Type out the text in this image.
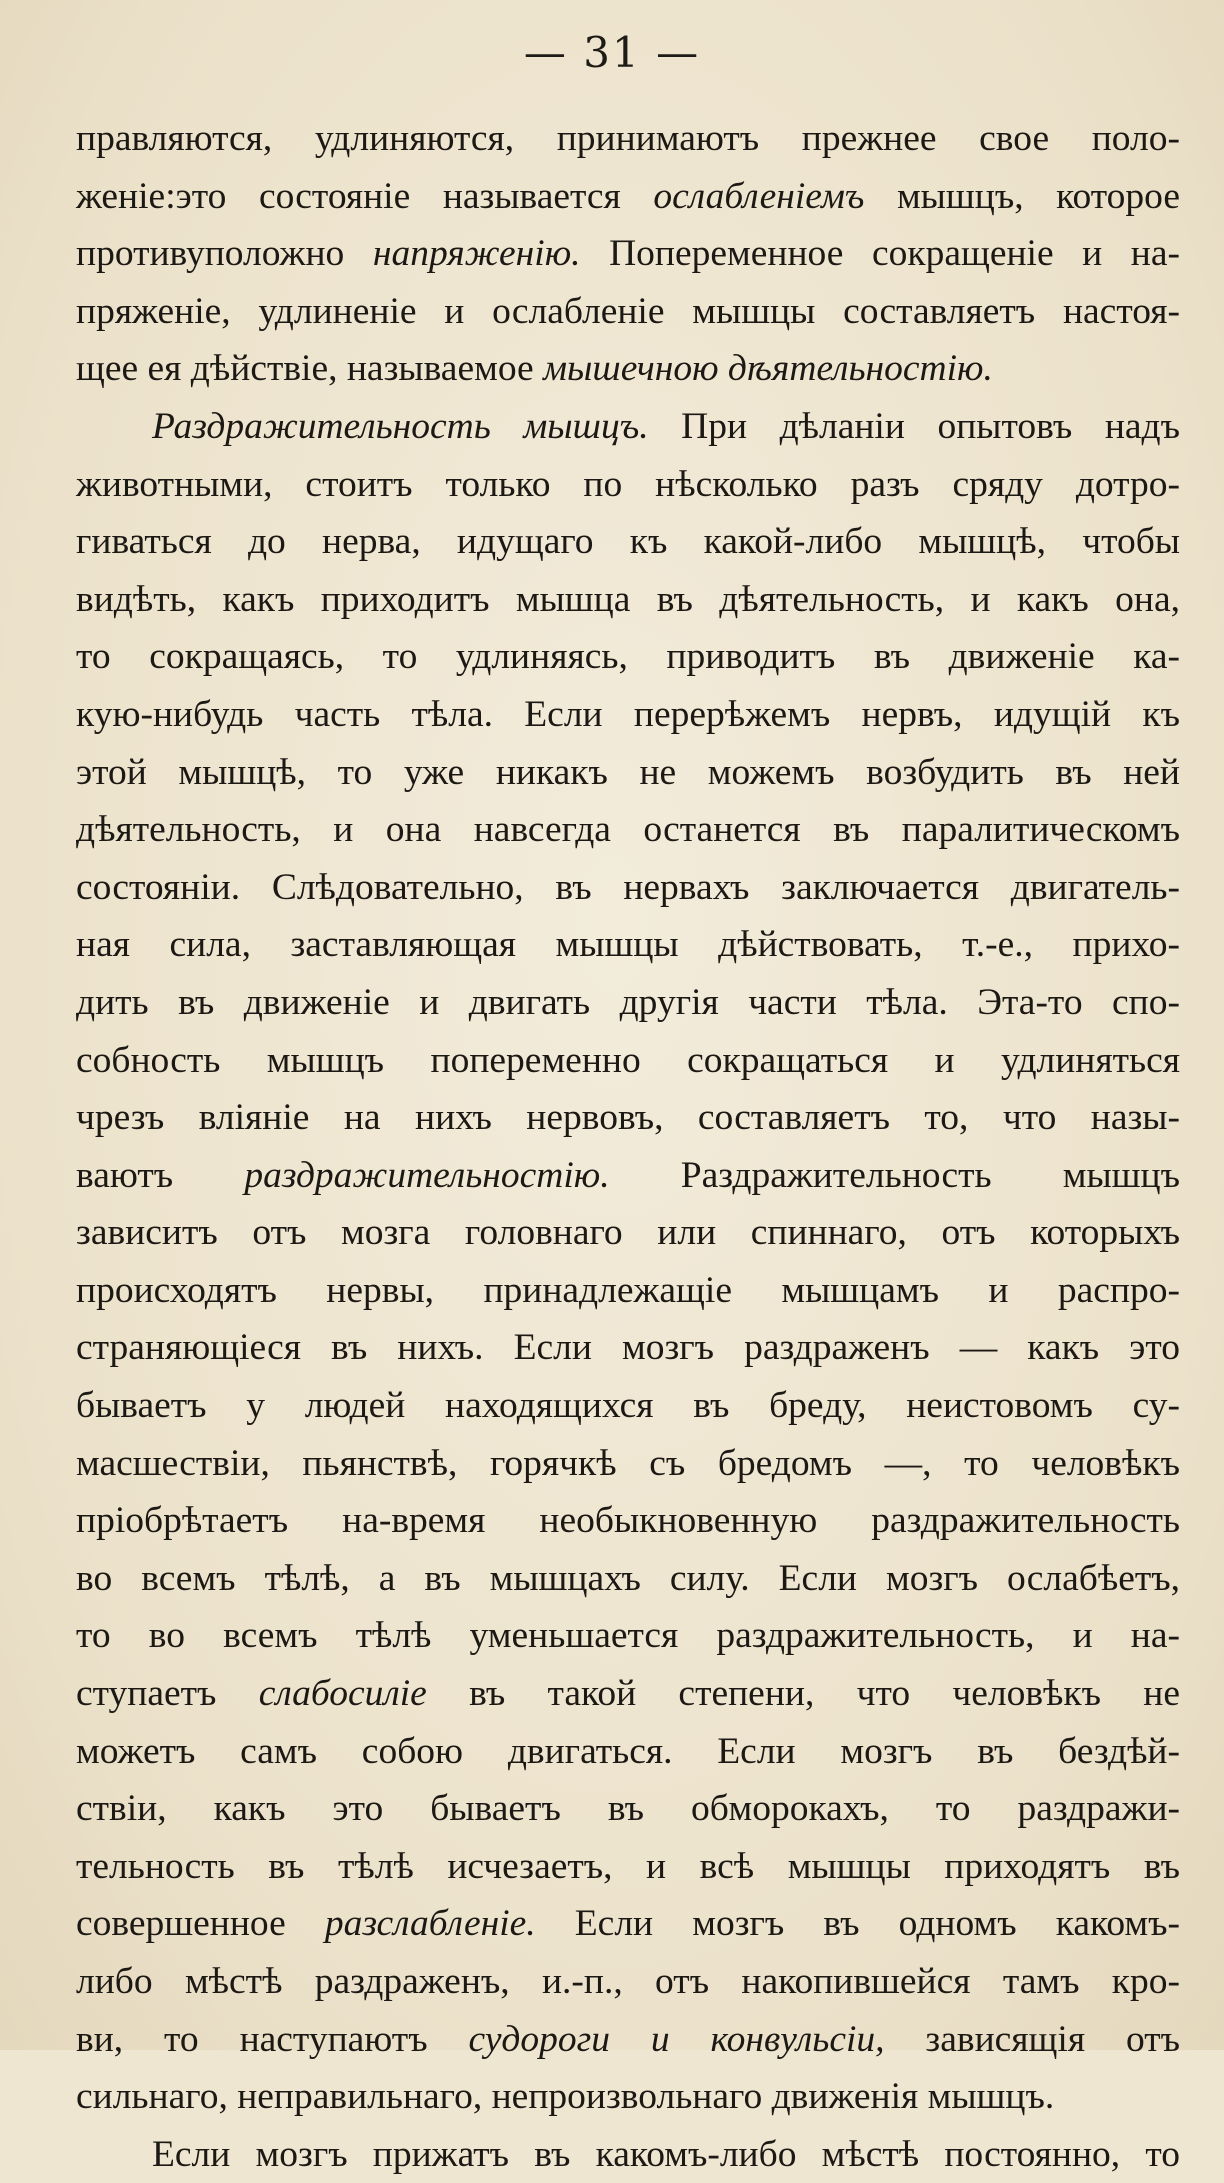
— 31 —
правляются, удлиняются, принимаютъ прежнее свое поло-
женіе:это состояніе называется ослабленіемъ мышцъ, которое
противуположно напряженію. Попеременное сокращеніе и на-
пряженіе, удлиненіе и ослабленіе мышцы составляетъ настоя-
щее ея дѣйствіе, называемое мышечною дѣятельностію.
Раздражительность мышцъ. При дѣланіи опытовъ надъ
животными, стоитъ только по нѣсколько разъ сряду дотро-
гиваться до нерва, идущаго къ какой-либо мышцѣ, чтобы
видѣть, какъ приходитъ мышца въ дѣятельность, и какъ она,
то сокращаясь, то удлиняясь, приводитъ въ движеніе ка-
кую-нибудь часть тѣла. Если перерѣжемъ нервъ, идущій къ
этой мышцѣ, то уже никакъ не можемъ возбудить въ ней
дѣятельность, и она навсегда останется въ паралитическомъ
состояніи. Слѣдовательно, въ нервахъ заключается двигатель-
ная сила, заставляющая мышцы дѣйствовать, т.-е., прихо-
дить въ движеніе и двигать другія части тѣла. Эта-то спо-
собность мышцъ попеременно сокращаться и удлиняться
чрезъ вліяніе на нихъ нервовъ, составляетъ то, что назы-
ваютъ раздражительностію. Раздражительность мышцъ
зависитъ отъ мозга головнаго или спиннаго, отъ которыхъ
происходятъ нервы, принадлежащіе мышцамъ и распро-
страняющіеся въ нихъ. Если мозгъ раздраженъ — какъ это
бываетъ у людей находящихся въ бреду, неистовомъ су-
масшествіи, пьянствѣ, горячкѣ съ бредомъ —, то человѣкъ
пріобрѣтаетъ на-время необыкновенную раздражительность
во всемъ тѣлѣ, а въ мышцахъ силу. Если мозгъ ослабѣетъ,
то во всемъ тѣлѣ уменьшается раздражительность, и на-
ступаетъ слабосиліе въ такой степени, что человѣкъ не
можетъ самъ собою двигаться. Если мозгъ въ бездѣй-
ствіи, какъ это бываетъ въ обморокахъ, то раздражи-
тельность въ тѣлѣ исчезаетъ, и всѣ мышцы приходятъ въ
совершенное разслабленіе. Если мозгъ въ одномъ какомъ-
либо мѣстѣ раздраженъ, и.-п., отъ накопившейся тамъ кро-
ви, то наступаютъ судороги и конвульсіи, зависящія отъ
сильнаго, неправильнаго, непроизвольнаго движенія мышцъ.
Если мозгъ прижатъ въ какомъ-либо мѣстѣ постоянно, то
